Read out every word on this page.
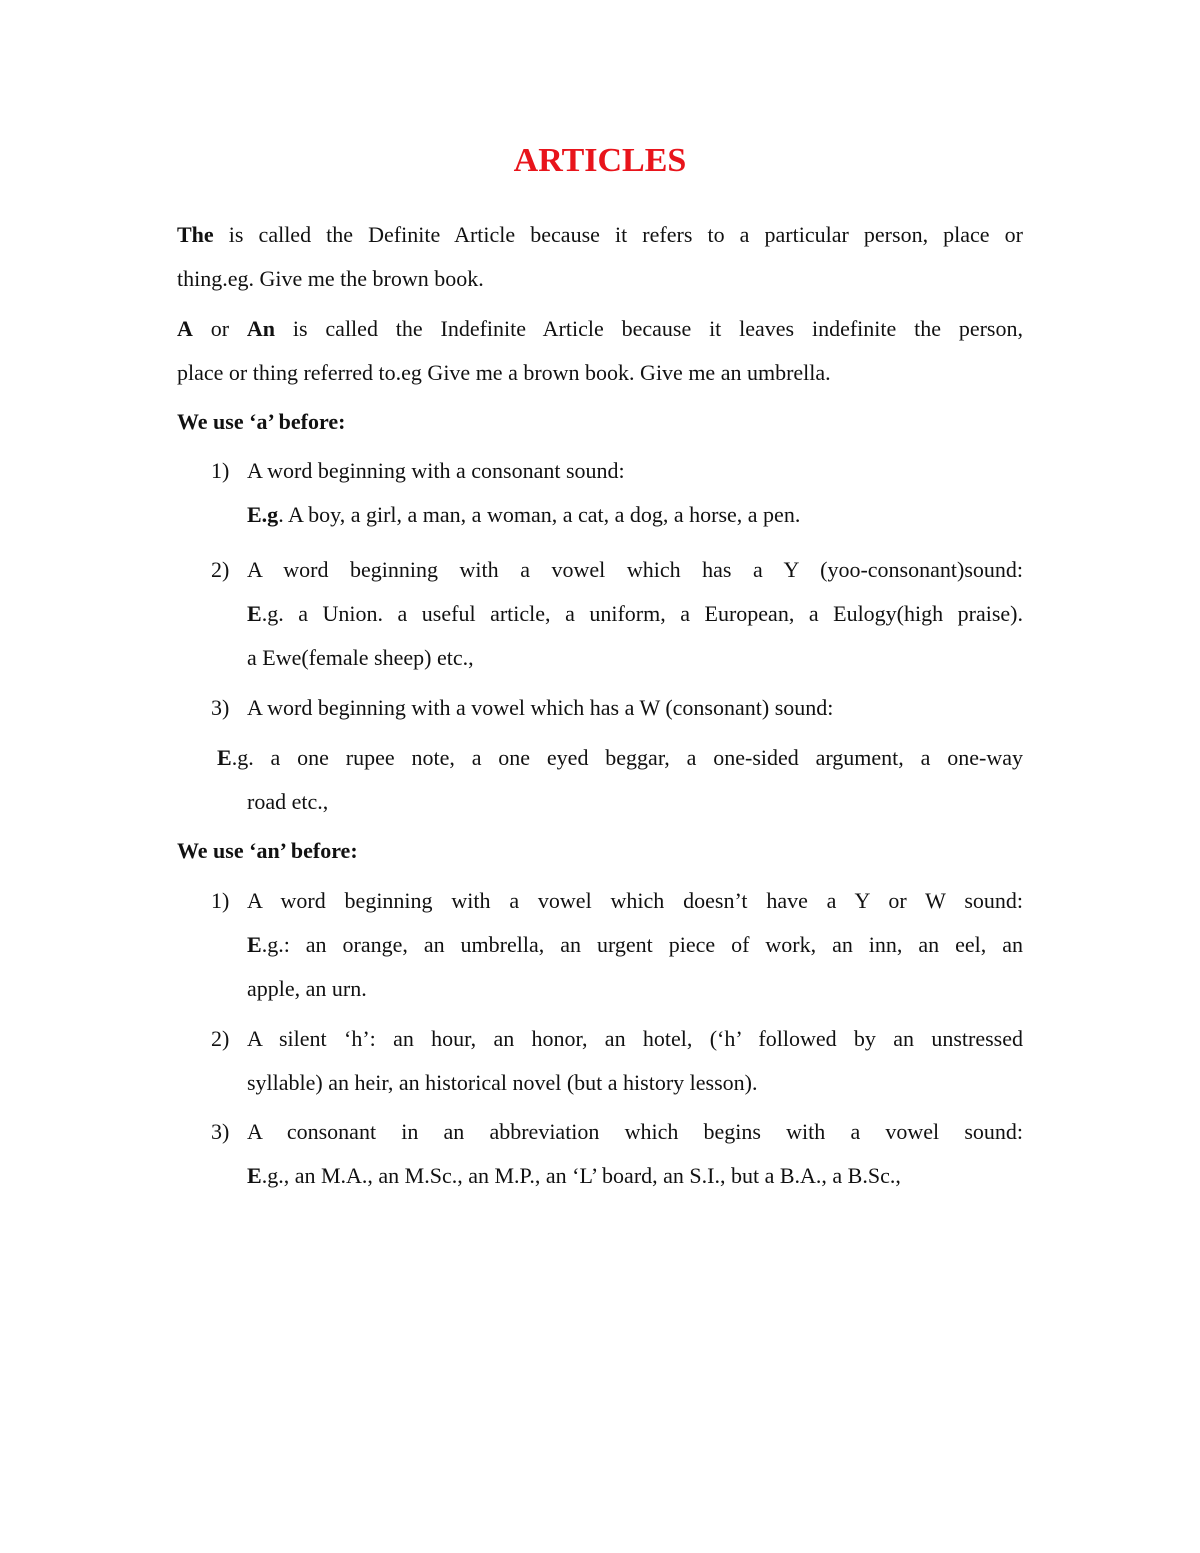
ARTICLES
The is called the Definite Article because it refers to a particular person, place or
thing.eg. Give me the brown book.
A or An is called the Indefinite Article because it leaves indefinite the person,
place or thing referred to.eg Give me a brown book. Give me an umbrella.
We use ‘a’ before:
1) A word beginning with a consonant sound:
E.g. A boy, a girl, a man, a woman, a cat, a dog, a horse, a pen.
2) A word beginning with a vowel which has a Y (yoo-consonant)sound:
E.g. a Union. a useful article, a uniform, a European, a Eulogy(high praise).
a Ewe(female sheep) etc.,
3) A word beginning with a vowel which has a W (consonant) sound:
E.g. a one rupee note, a one eyed beggar, a one-sided argument, a one-way
road etc.,
We use ‘an’ before:
1) A word beginning with a vowel which doesn’t have a Y or W sound:
E.g.: an orange, an umbrella, an urgent piece of work, an inn, an eel, an
apple, an urn.
2) A silent ‘h’: an hour, an honor, an hotel, (‘h’ followed by an unstressed
syllable) an heir, an historical novel (but a history lesson).
3) A consonant in an abbreviation which begins with a vowel sound:
E.g., an M.A., an M.Sc., an M.P., an ‘L’ board, an S.I., but a B.A., a B.Sc.,
